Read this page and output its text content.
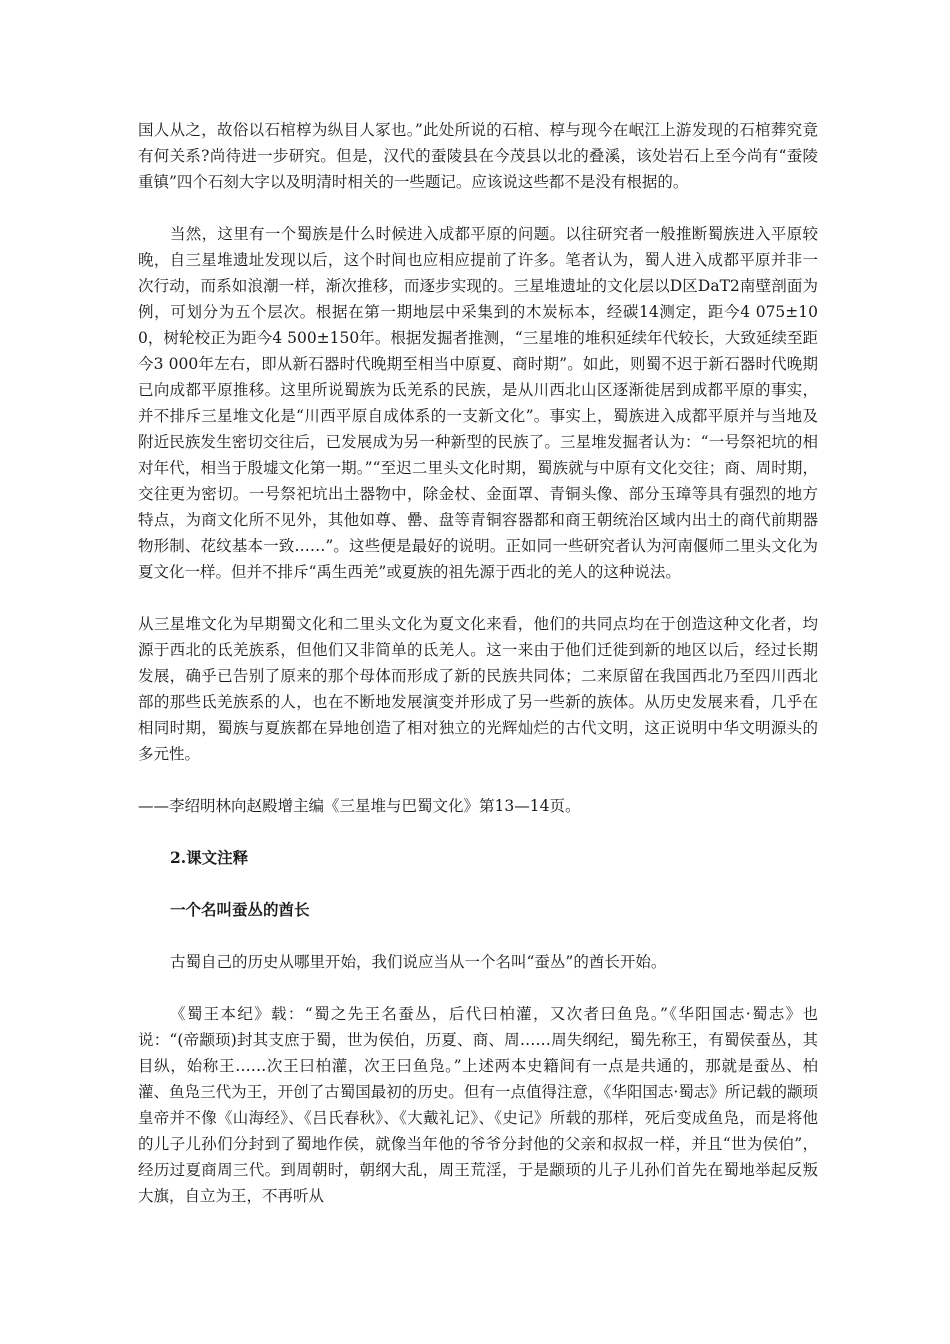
国人从之，故俗以石棺椁为纵目人冢也。”此处所说的石棺、椁与现今在岷江上游发现的石棺葬究竟有何关系?尚待进一步研究。但是，汉代的蚕陵县在今茂县以北的叠溪，该处岩石上至今尚有“蚕陵重镇”四个石刻大字以及明清时相关的一些题记。应该说这些都不是没有根据的。

当然，这里有一个蜀族是什么时候进入成都平原的问题。以往研究者一般推断蜀族进入平原较晚，自三星堆遗址发现以后，这个时间也应相应提前了许多。笔者认为，蜀人进入成都平原并非一次行动，而系如浪潮一样，渐次推移，而逐步实现的。三星堆遗址的文化层以D区DaT2南壁剖面为例，可划分为五个层次。根据在第一期地层中采集到的木炭标本，经碳14测定，距今4 075±100，树轮校正为距今4 500±150年。根据发掘者推测，“三星堆的堆积延续年代较长，大致延续至距今3 000年左右，即从新石器时代晚期至相当中原夏、商时期”。如此，则蜀不迟于新石器时代晚期已向成都平原推移。这里所说蜀族为氐羌系的民族，是从川西北山区逐渐徙居到成都平原的事实，并不排斥三星堆文化是“川西平原自成体系的一支新文化”。事实上，蜀族进入成都平原并与当地及附近民族发生密切交往后，已发展成为另一种新型的民族了。三星堆发掘者认为：“一号祭祀坑的相对年代，相当于殷墟文化第一期。”“至迟二里头文化时期，蜀族就与中原有文化交往；商、周时期，交往更为密切。一号祭祀坑出土器物中，除金杖、金面罩、青铜头像、部分玉璋等具有强烈的地方特点，为商文化所不见外，其他如尊、罍、盘等青铜容器都和商王朝统治区域内出土的商代前期器物形制、花纹基本一致……”。这些便是最好的说明。正如同一些研究者认为河南偃师二里头文化为夏文化一样。但并不排斥“禹生西羌”或夏族的祖先源于西北的羌人的这种说法。

从三星堆文化为早期蜀文化和二里头文化为夏文化来看，他们的共同点均在于创造这种文化者，均源于西北的氐羌族系，但他们又非简单的氐羌人。这一来由于他们迁徙到新的地区以后，经过长期发展，确乎已告别了原来的那个母体而形成了新的民族共同体；二来原留在我国西北乃至四川西北部的那些氐羌族系的人，也在不断地发展演变并形成了另一些新的族体。从历史发展来看，几乎在相同时期，蜀族与夏族都在异地创造了相对独立的光辉灿烂的古代文明，这正说明中华文明源头的多元性。

——李绍明林向赵殿增主编《三星堆与巴蜀文化》第13—14页。

2.课文注释

一个名叫蚕丛的酋长

古蜀自己的历史从哪里开始，我们说应当从一个名叫“蚕丛”的酋长开始。

《蜀王本纪》载：“蜀之先王名蚕丛，后代曰柏灌，又次者曰鱼凫。”《华阳国志·蜀志》也说：“(帝颛顼)封其支庶于蜀，世为侯伯，历夏、商、周……周失纲纪，蜀先称王，有蜀侯蚕丛，其目纵，始称王……次王曰柏灌，次王曰鱼凫。”上述两本史籍间有一点是共通的，那就是蚕丛、柏灌、鱼凫三代为王，开创了古蜀国最初的历史。但有一点值得注意，《华阳国志·蜀志》所记载的颛顼皇帝并不像《山海经》、《吕氏春秋》、《大戴礼记》、《史记》所载的那样，死后变成鱼凫，而是将他的儿子儿孙们分封到了蜀地作侯，就像当年他的爷爷分封他的父亲和叔叔一样，并且“世为侯伯”，经历过夏商周三代。到周朝时，朝纲大乱，周王荒淫，于是颛顼的儿子儿孙们首先在蜀地举起反叛大旗，自立为王，不再听从
